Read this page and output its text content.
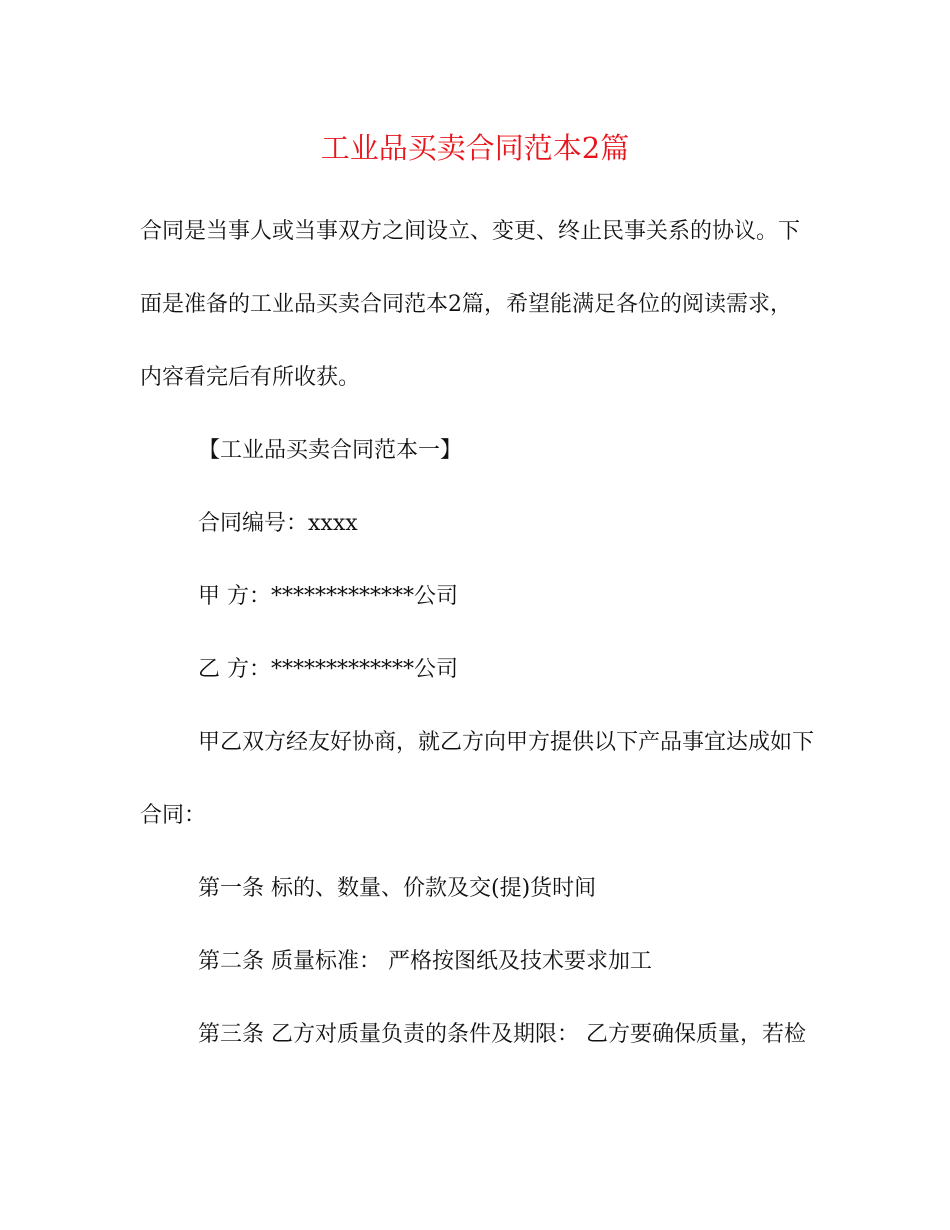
工业品买卖合同范本2篇
合同是当事人或当事双方之间设立、变更、终止民事关系的协议。下
面是准备的工业品买卖合同范本2篇，希望能满足各位的阅读需求，
内容看完后有所收获。
【工业品买卖合同范本一】
合同编号：xxxx
甲 方：*************公司
乙 方：*************公司
甲乙双方经友好协商，就乙方向甲方提供以下产品事宜达成如下
合同：
第一条 标的、数量、价款及交(提)货时间
第二条 质量标准： 严格按图纸及技术要求加工
第三条 乙方对质量负责的条件及期限： 乙方要确保质量，若检
